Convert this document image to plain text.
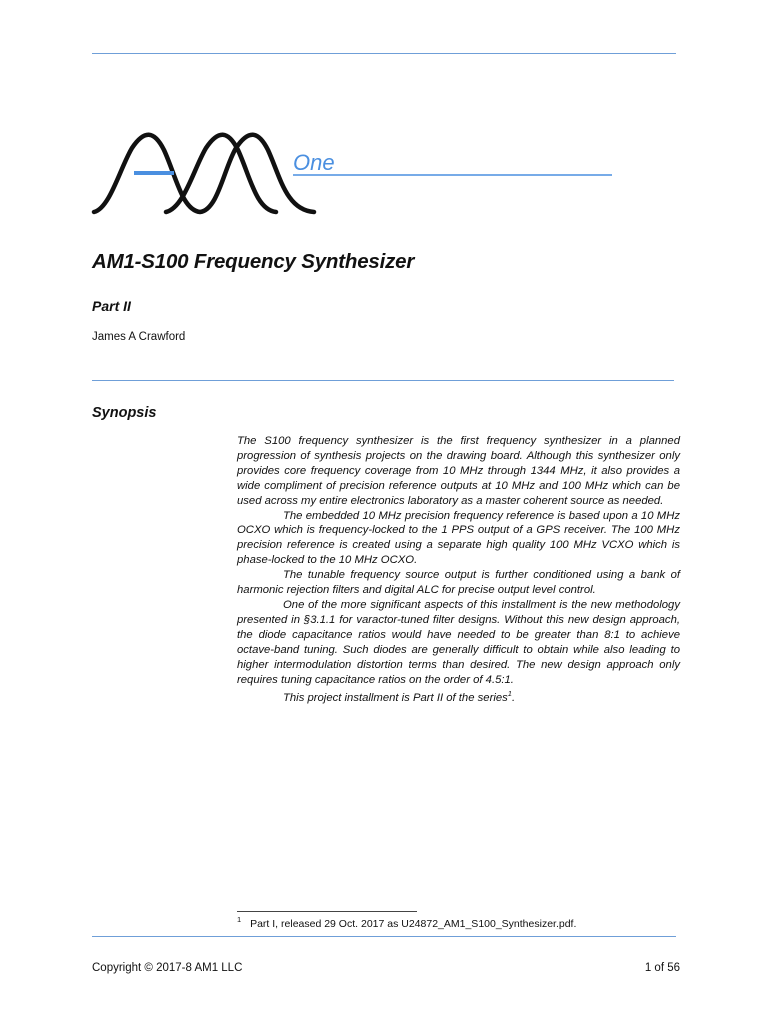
One
AM1-S100 Frequency Synthesizer
Part II
James A Crawford
Synopsis

The S100 frequency synthesizer is the first frequency synthesizer in a planned progression of synthesis projects on the drawing board. Although this synthesizer only provides core frequency coverage from 10 MHz through 1344 MHz, it also provides a wide compliment of precision reference outputs at 10 MHz and 100 MHz which can be used across my entire electronics laboratory as a master coherent source as needed.

The embedded 10 MHz precision frequency reference is based upon a 10 MHz OCXO which is frequency-locked to the 1 PPS output of a GPS receiver. The 100 MHz precision reference is created using a separate high quality 100 MHz VCXO which is phase-locked to the 10 MHz OCXO.

The tunable frequency source output is further conditioned using a bank of harmonic rejection filters and digital ALC for precise output level control.

One of the more significant aspects of this installment is the new methodology presented in §3.1.1 for varactor-tuned filter designs. Without this new design approach, the diode capacitance ratios would have needed to be greater than 8:1 to achieve octave-band tuning. Such diodes are generally difficult to obtain while also leading to higher intermodulation distortion terms than desired. The new design approach only requires tuning capacitance ratios on the order of 4.5:1.

This project installment is Part II of the series$^1$.

$^1$ Part I, released 29 Oct. 2017 as U24872_AM1_S100_Synthesizer.pdf.
Copyright © 2017-8 AM1 LLC	1 of 56
